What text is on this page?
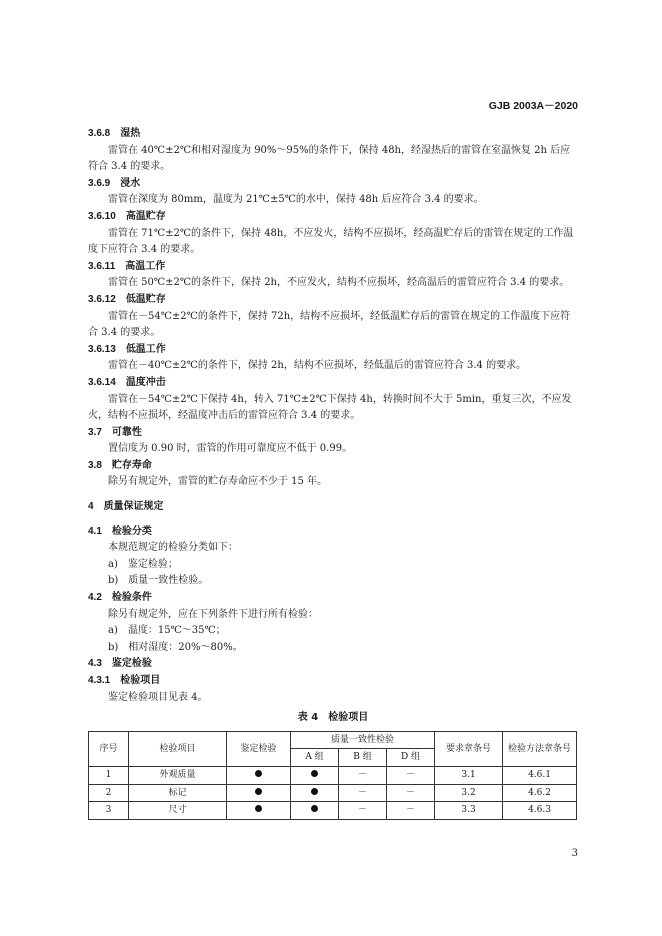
GJB 2003A－2020
3.6.8　 湿热
雷管在 40℃±2℃和相对湿度为 90%～95%的条件下，保持 48h，经湿热后的雷管在室温恢复 2h 后应符合 3.4 的要求。
3.6.9　 浸水
雷管在深度为 80mm，温度为 21℃±5℃的水中，保持 48h 后应符合 3.4 的要求。
3.6.10　 高温贮存
雷管在 71℃±2℃的条件下，保持 48h，不应发火，结构不应损坏，经高温贮存后的雷管在规定的工作温度下应符合 3.4 的要求。
3.6.11　 高温工作
雷管在 50℃±2℃的条件下，保持 2h，不应发火，结构不应损坏，经高温后的雷管应符合 3.4 的要求。
3.6.12　 低温贮存
雷管在－54℃±2℃的条件下，保持 72h，结构不应损坏，经低温贮存后的雷管在规定的工作温度下应符合 3.4 的要求。
3.6.13　 低温工作
雷管在－40℃±2℃的条件下，保持 2h，结构不应损坏，经低温后的雷管应符合 3.4 的要求。
3.6.14　 温度冲击
雷管在－54℃±2℃下保持 4h，转入 71℃±2℃下保持 4h，转换时间不大于 5min，重复三次，不应发火，结构不应损坏，经温度冲击后的雷管应符合 3.4 的要求。
3.7　 可靠性
置信度为 0.90 时，雷管的作用可靠度应不低于 0.99。
3.8　 贮存寿命
除另有规定外，雷管的贮存寿命应不少于 15 年。
4　 质量保证规定
4.1　 检验分类
本规范规定的检验分类如下：
a)　鉴定检验；
b)　质量一致性检验。
4.2　 检验条件
除另有规定外，应在下列条件下进行所有检验：
a)　温度：15℃～35℃；
b)　相对湿度：20%～80%。
4.3　 鉴定检验
4.3.1　 检验项目
鉴定检验项目见表 4。
表 4　检验项目
序号	检验项目	鉴定检验	质量一致性检验			要求章条号	检验方法章条号
			A 组	B 组	D 组		
1	外观质量			－	－	3.1	4.6.1
2	标记			－	－	3.2	4.6.2
3	尺寸			－	－	3.3	4.6.3
3
